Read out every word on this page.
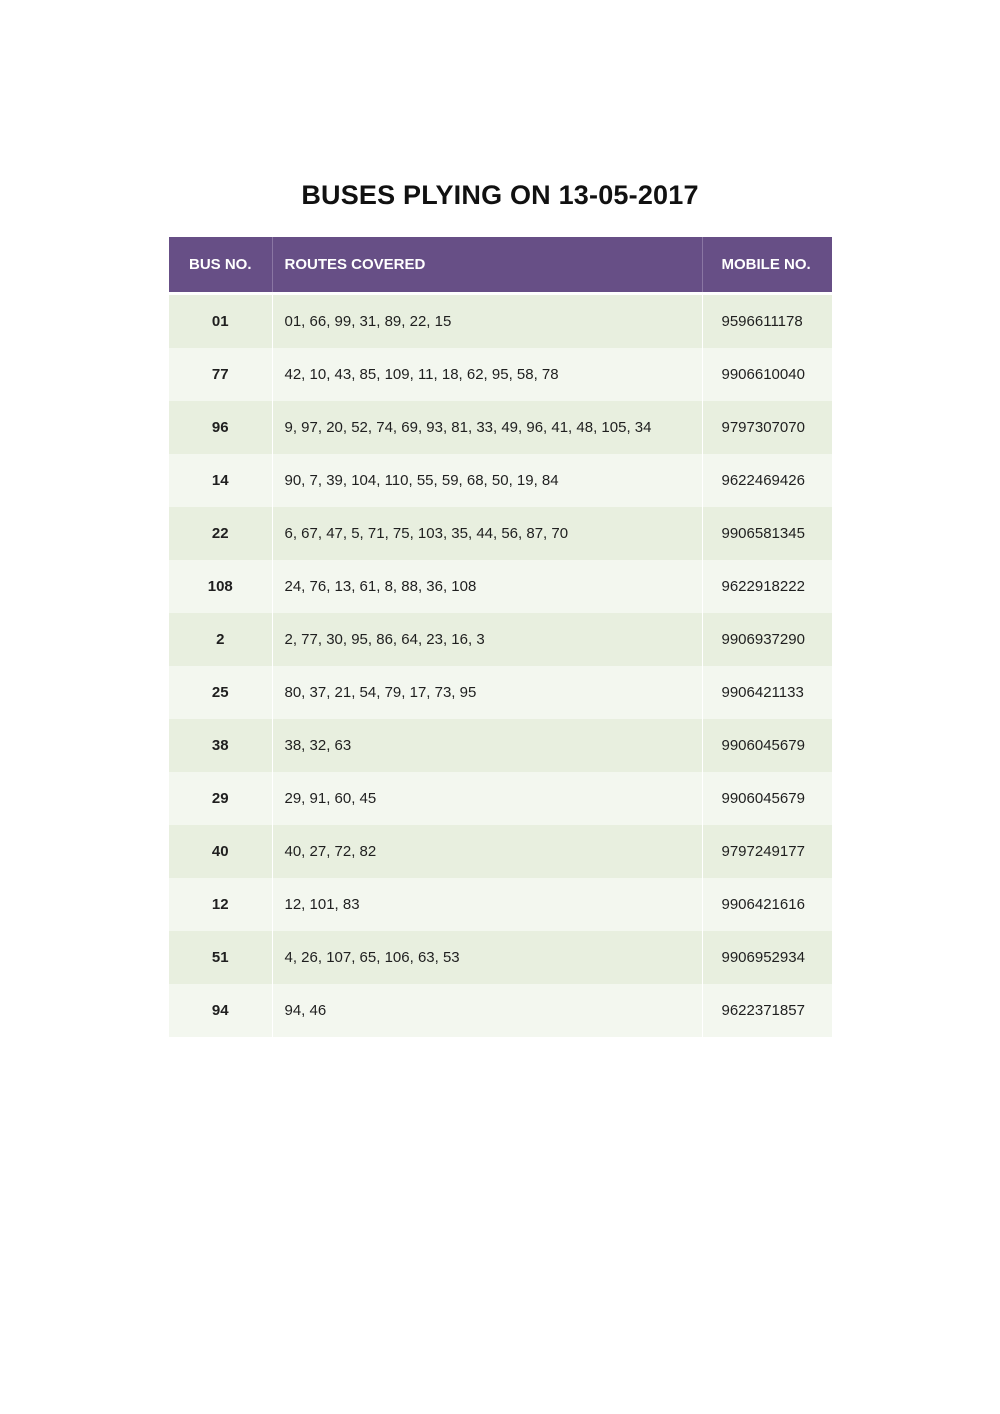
BUSES PLYING ON 13-05-2017
BUS NO.	ROUTES COVERED	MOBILE NO.
01	01, 66, 99, 31, 89, 22, 15	9596611178
77	42, 10, 43, 85, 109, 11, 18, 62, 95, 58, 78	9906610040
96	9, 97, 20, 52, 74, 69, 93, 81, 33, 49, 96, 41, 48, 105, 34	9797307070
14	90, 7, 39, 104, 110, 55, 59, 68, 50, 19, 84	9622469426
22	6, 67, 47, 5, 71, 75, 103, 35, 44, 56, 87, 70	9906581345
108	24, 76, 13, 61, 8, 88, 36, 108	9622918222
2	2, 77, 30, 95, 86, 64, 23, 16, 3	9906937290
25	80, 37, 21, 54, 79, 17, 73, 95	9906421133
38	38, 32, 63	9906045679
29	29, 91, 60, 45	9906045679
40	40, 27, 72, 82	9797249177
12	12, 101, 83	9906421616
51	4, 26, 107, 65, 106, 63, 53	9906952934
94	94, 46	9622371857
